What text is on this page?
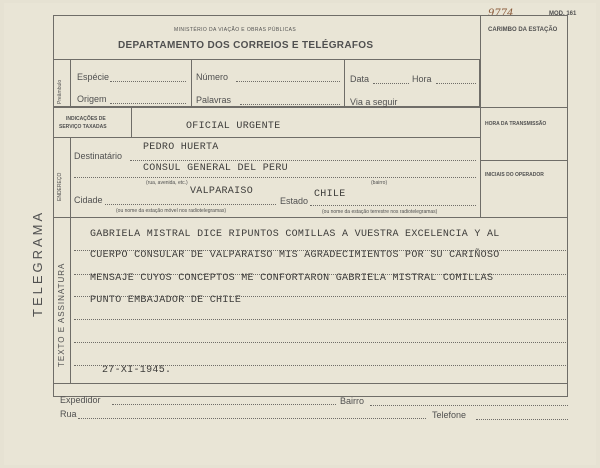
9774	MOD. 161
MINISTÉRIO DA VIAÇÃO E OBRAS PÚBLICAS
DEPARTAMENTO DOS CORREIOS E TELÉGRAFOS
CARIMBO DA ESTAÇÃO
Preâmbulo
Espécie	Número	Data	Hora
Origem	Palavras	Via a seguir
INDICAÇÕES DE
SERVIÇO TAXADAS	OFICIAL URGENTE	HORA DA TRANSMISSÃO
INICIAIS DO OPERADOR
ENDEREÇO
Destinatário
PEDRO HUERTA
CONSUL GENERAL DEL PERU
(rua, avenida, etc.)	(bairro)
Cidade
VALPARAISO
Estado
CHILE
(ou nome da estação móvel nos radiotelegramas)	(ou nome da estação terrestre nos radiotelegramas)
TEXTO E ASSINATURA
GABRIELA MISTRAL DICE RIPUNTOS COMILLAS A VUESTRA EXCELENCIA Y AL
CUERPO CONSULAR DE VALPARAISO MIS AGRADECIMIENTOS POR SU CARIÑOSO
MENSAJE CUYOS CONCEPTOS ME CONFORTARON GABRIELA MISTRAL COMILLAS
PUNTO EMBAJADOR DE CHILE
27-XI-1945.
TELEGRAMA
Expedidor	Bairro
Rua	Telefone
